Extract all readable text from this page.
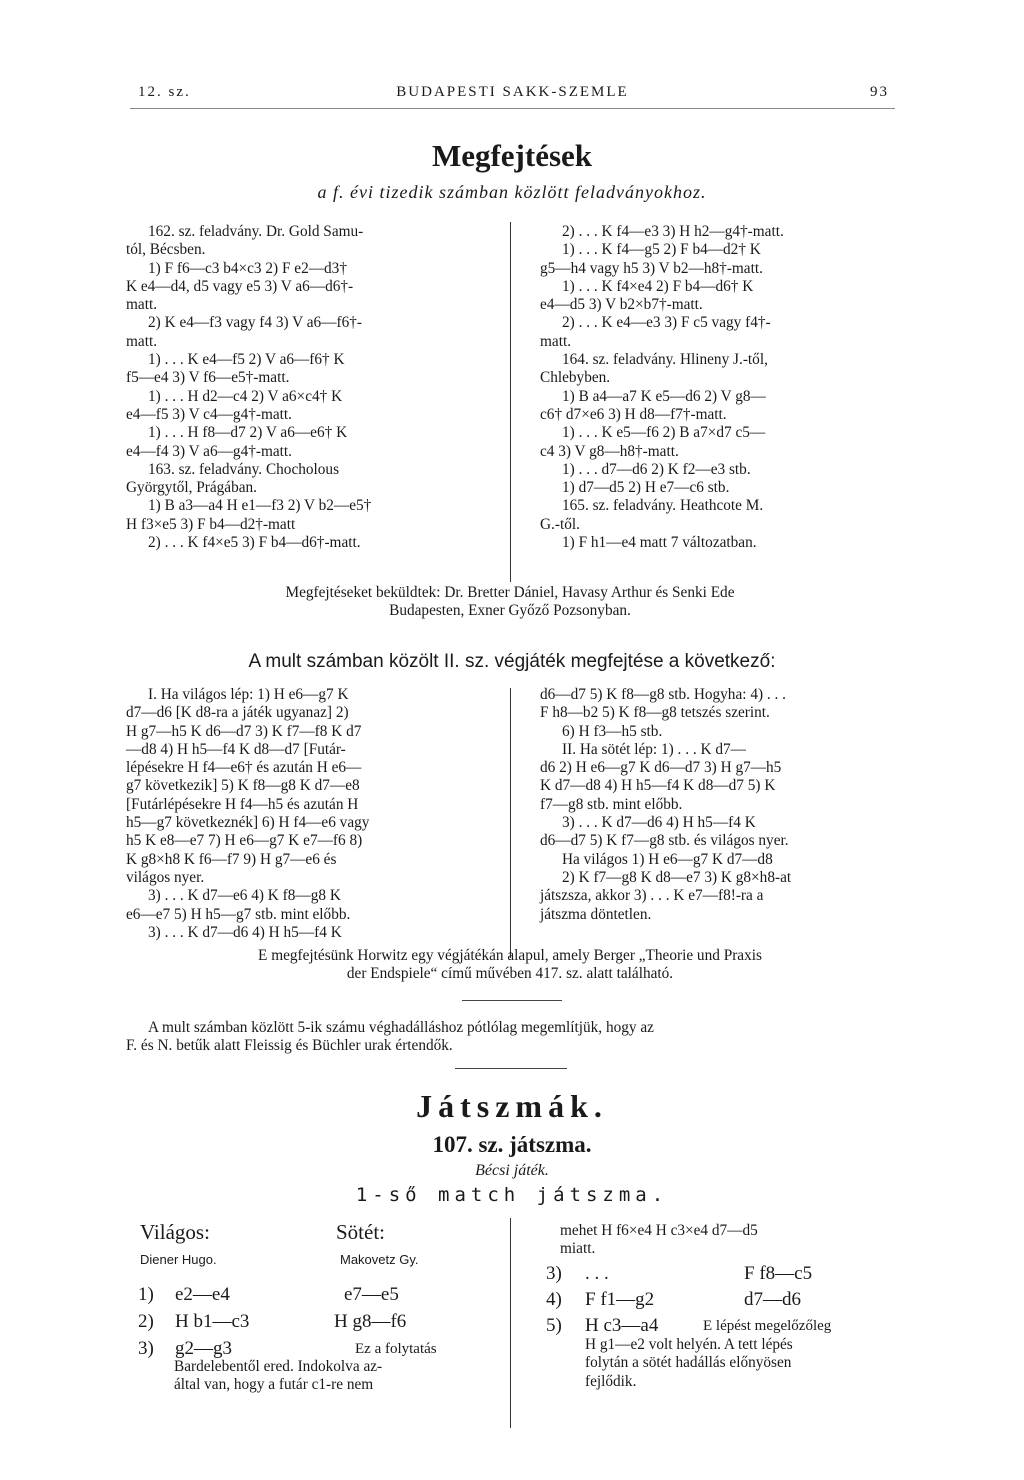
12. sz.	BUDAPESTI SAKK-SZEMLE	93
Megfejtések
a f. évi tizedik számban közlött feladványokhoz.

162. sz. feladvány. Dr. Gold Samu-

tól, Bécsben.

1) F f6—c3 b4×c3 2) F e2—d3†

K e4—d4, d5 vagy e5 3) V a6—d6†-

matt.

2) K e4—f3 vagy f4 3) V a6—f6†-

matt.

1) . . . K e4—f5 2) V a6—f6† K

f5—e4 3) V f6—e5†-matt.

1) . . . H d2—c4 2) V a6×c4† K

e4—f5 3) V c4—g4†-matt.

1) . . . H f8—d7 2) V a6—e6† K

e4—f4 3) V a6—g4†-matt.

163. sz. feladvány. Chocholous

Györgytől, Prágában.

1) B a3—a4 H e1—f3 2) V b2—e5†

H f3×e5 3) F b4—d2†-matt

2) . . . K f4×e5 3) F b4—d6†-matt.

2) . . . K f4—e3 3) H h2—g4†-matt.

1) . . . K f4—g5 2) F b4—d2† K

g5—h4 vagy h5 3) V b2—h8†-matt.

1) . . . K f4×e4 2) F b4—d6† K

e4—d5 3) V b2×b7†-matt.

2) . . . K e4—e3 3) F c5 vagy f4†-

matt.

164. sz. feladvány. Hlineny J.-től,

Chlebyben.

1) B a4—a7 K e5—d6 2) V g8—

c6† d7×e6 3) H d8—f7†-matt.

1) . . . K e5—f6 2) B a7×d7 c5—

c4 3) V g8—h8†-matt.

1) . . . d7—d6 2) K f2—e3 stb.

1) d7—d5 2) H e7—c6 stb.

165. sz. feladvány. Heathcote M.

G.-től.

1) F h1—e4 matt 7 változatban.

Megfejtéseket beküldtek: Dr. Bretter Dániel, Havasy Arthur és Senki Ede

Budapesten, Exner Győző Pozsonyban.

A mult számban közölt II. sz. végjáték megfejtése a következő:

I. Ha világos lép: 1) H e6—g7 K

d7—d6 [K d8-ra a játék ugyanaz] 2)

H g7—h5 K d6—d7 3) K f7—f8 K d7

—d8 4) H h5—f4 K d8—d7 [Futár-

lépésekre H f4—e6† és azután H e6—

g7 következik] 5) K f8—g8 K d7—e8

[Futárlépésekre H f4—h5 és azután H

h5—g7 következnék] 6) H f4—e6 vagy

h5 K e8—e7 7) H e6—g7 K e7—f6 8)

K g8×h8 K f6—f7 9) H g7—e6 és

világos nyer.

3) . . . K d7—e6 4) K f8—g8 K

e6—e7 5) H h5—g7 stb. mint előbb.

3) . . . K d7—d6 4) H h5—f4 K

d6—d7 5) K f8—g8 stb. Hogyha: 4) . . .

F h8—b2 5) K f8—g8 tetszés szerint.

6) H f3—h5 stb.

II. Ha sötét lép: 1) . . . K d7—

d6 2) H e6—g7 K d6—d7 3) H g7—h5

K d7—d8 4) H h5—f4 K d8—d7 5) K

f7—g8 stb. mint előbb.

3) . . . K d7—d6 4) H h5—f4 K

d6—d7 5) K f7—g8 stb. és világos nyer.

Ha világos 1) H e6—g7 K d7—d8

2) K f7—g8 K d8—e7 3) K g8×h8-at

játszsza, akkor 3) . . . K e7—f8!-ra a

játszma döntetlen.

E megfejtésünk Horwitz egy végjátékán alapul, amely Berger „Theorie und Praxis

der Endspiele“ című művében 417. sz. alatt található.

A mult számban közlött 5-ik számu véghadálláshoz pótlólag megemlítjük, hogy az

F. és N. betűk alatt Fleissig és Büchler urak értendők.

Játszmák.
107. sz. játszma.
Bécsi játék.
1-ső match játszma.
Világos:	Sötét:
Diener Hugo.	Makovetz Gy.
1) e2—e4	e7—e5
2) H b1—c3	H g8—f6
3) g2—g3	Ez a folytatás

Bardelebentől ered. Indokolva az-

által van, hogy a futár c1-re nem

mehet H f6×e4 H c3×e4 d7—d5

miatt.

3) . . .	F f8—c5
4) F f1—g2	d7—d6
5) H c3—a4	E lépést megelőzőleg

H g1—e2 volt helyén. A tett lépés

folytán a sötét hadállás előnyösen

fejlődik.
